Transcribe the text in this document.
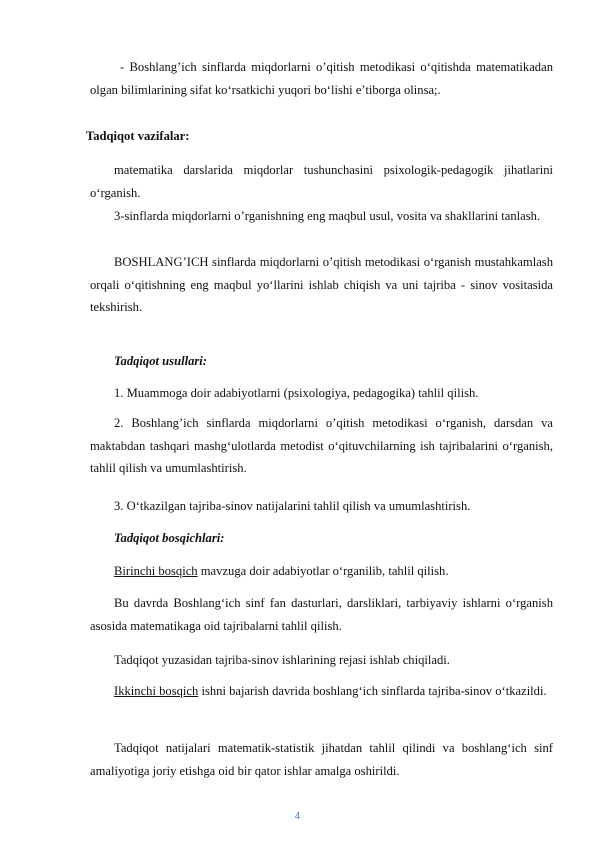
- Boshlang’ich sinflarda miqdorlarni o’qitish metodikasi o‘qitishda matematikadan olgan bilimlarining sifat ko‘rsatkichi yuqori bo‘lishi e’tiborga olinsa;.

Tadqiqot vazifalar:

matematika darslarida miqdorlar tushunchasini psixologik-pedagogik jihatlarini o‘rganish.

3-sinflarda miqdorlarni o’rganishning eng maqbul usul, vosita va shakllarini tanlash.

BOSHLANG’ICH sinflarda miqdorlarni o’qitish metodikasi o‘rganish mustahkamlash orqali o‘qitishning eng maqbul yo‘llarini ishlab chiqish va uni tajriba - sinov vositasida tekshirish.

Tadqiqot usullari:

1. Muammoga doir adabiyotlarni (psixologiya, pedagogika) tahlil qilish.

2. Boshlang’ich sinflarda miqdorlarni o’qitish metodikasi o‘rganish, darsdan va maktabdan tashqari mashg‘ulotlarda metodist o‘qituvchilarning ish tajribalarini o‘rganish, tahlil qilish va umumlashtirish.

3. O‘tkazilgan tajriba-sinov natijalarini tahlil qilish va umumlashtirish.

Tadqiqot bosqichlari:

Birinchi bosqich mavzuga doir adabiyotlar o‘rganilib, tahlil qilish.

Bu davrda Boshlang‘ich sinf fan dasturlari, darsliklari, tarbiyaviy ishlarni o‘rganish asosida matematikaga oid tajribalarni tahlil qilish.

Tadqiqot yuzasidan tajriba-sinov ishlarining rejasi ishlab chiqiladi.

Ikkinchi bosqich ishni bajarish davrida boshlang‘ich sinflarda tajriba-sinov o‘tkazildi.

Tadqiqot natijalari matematik-statistik jihatdan tahlil qilindi va boshlang‘ich sinf amaliyotiga joriy etishga oid bir qator ishlar amalga oshirildi.

4
